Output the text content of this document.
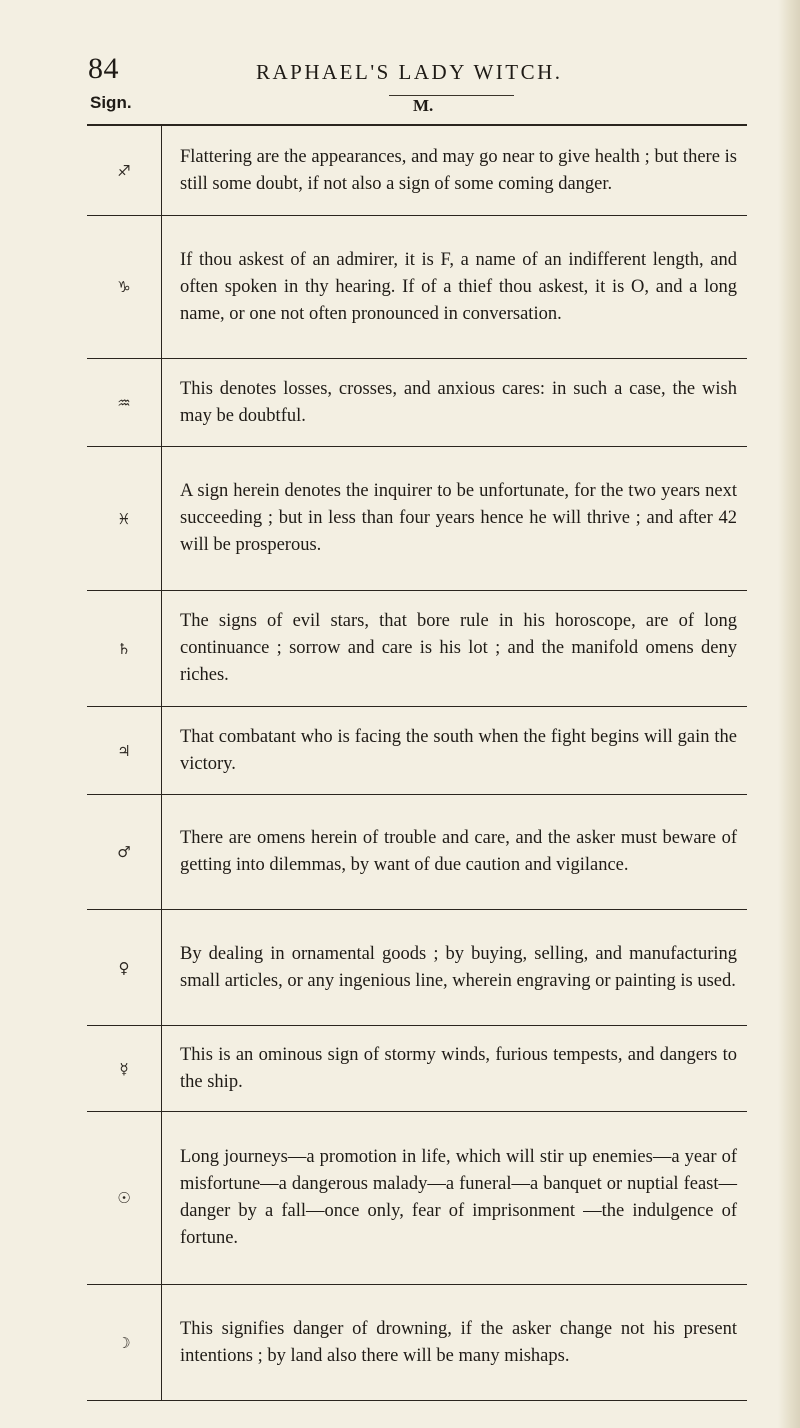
84	RAPHAEL'S LADY WITCH.
Sign.	M.
♐
Flattering are the appearances, and may go near to give health ; but there is still some doubt, if not also a sign of some coming danger.
♑
If thou askest of an admirer, it is F, a name of an indifferent length, and often spoken in thy hearing. If of a thief thou askest, it is O, and a long name, or one not often pronounced in conversation.
♒
This denotes losses, crosses, and anxious cares: in such a case, the wish may be doubtful.
♓
A sign herein denotes the inquirer to be unfortunate, for the two years next succeeding ; but in less than four years hence he will thrive ; and after 42 will be prosperous.
♄
The signs of evil stars, that bore rule in his horoscope, are of long continuance ; sorrow and care is his lot ; and the manifold omens deny riches.
♃
That combatant who is facing the south when the fight begins will gain the victory.
♂
There are omens herein of trouble and care, and the asker must beware of getting into dilemmas, by want of due caution and vigilance.
♀
By dealing in ornamental goods ; by buying, selling, and manufacturing small articles, or any ingenious line, wherein engraving or painting is used.
☿
This is an ominous sign of stormy winds, furious tempests, and dangers to the ship.
☉
Long journeys—a promotion in life, which will stir up enemies—a year of misfortune—a dangerous malady—a funeral—a banquet or nuptial feast—danger by a fall—once only, fear of imprisonment —the indulgence of fortune.
☽
This signifies danger of drowning, if the asker change not his present intentions ; by land also there will be many mishaps.
